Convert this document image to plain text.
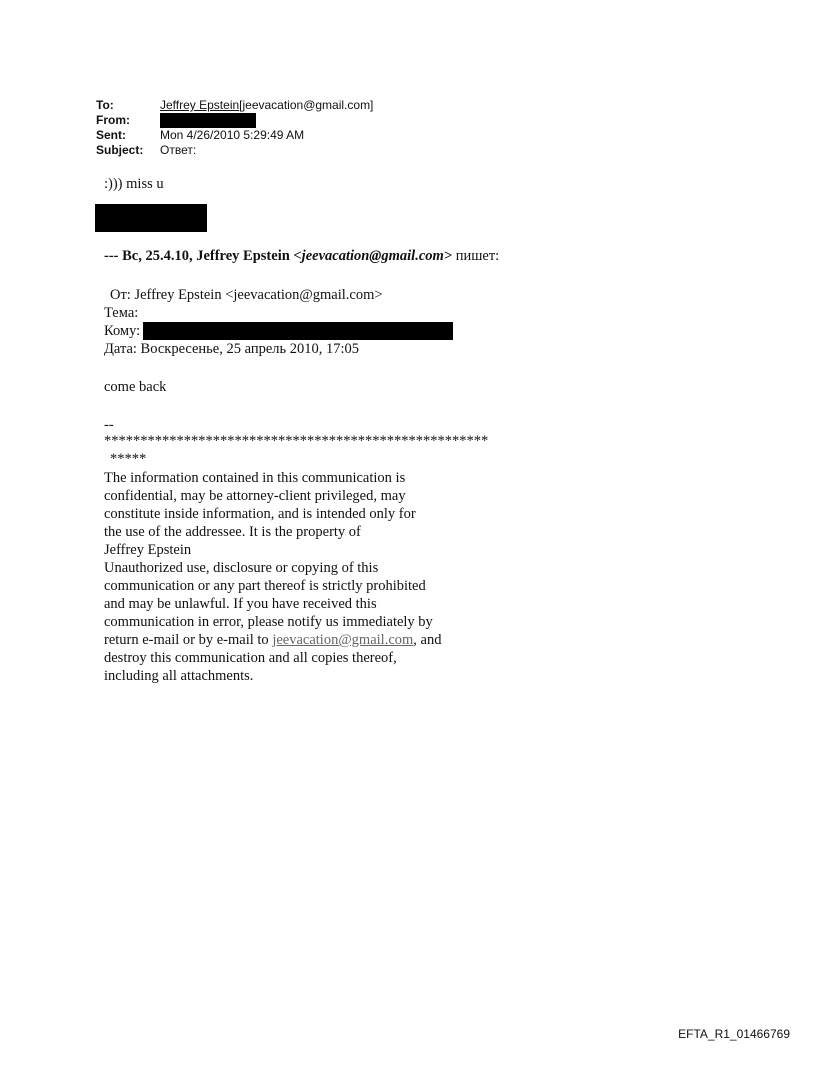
To:	Jeffrey Epstein[jeevacation@gmail.com]
From:
Sent:	Mon 4/26/2010 5:29:49 AM
Subject:	Ответ:
:))) miss u
--- Вс, 25.4.10, Jeffrey Epstein <jeevacation@gmail.com> пишет:
От: Jeffrey Epstein <jeevacation@gmail.com>
Тема:
Кому:
Дата: Воскресенье, 25 апрель 2010, 17:05
come back
--
*****************************************************
*****

The information contained in this communication is

confidential, may be attorney-client privileged, may

constitute inside information, and is intended only for

the use of the addressee. It is the property of

Jeffrey Epstein

Unauthorized use, disclosure or copying of this

communication or any part thereof is strictly prohibited

and may be unlawful. If you have received this

communication in error, please notify us immediately by

return e-mail or by e-mail to jeevacation@gmail.com, and

destroy this communication and all copies thereof,

including all attachments.

EFTA_R1_01466769
